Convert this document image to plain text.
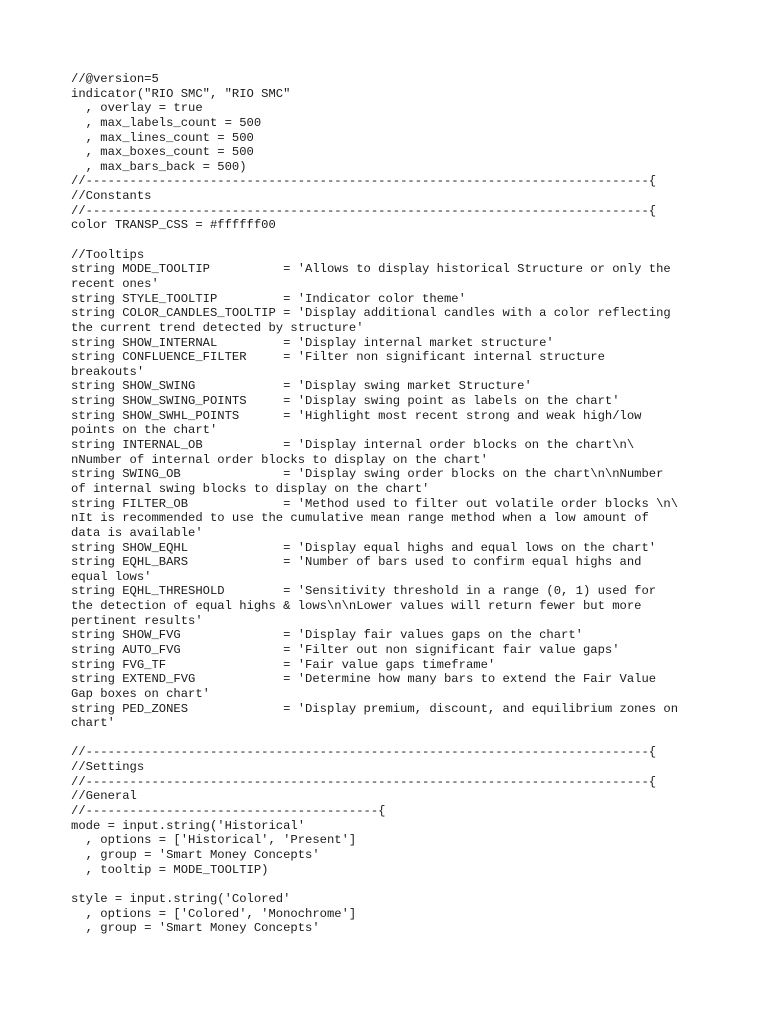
//@version=5
indicator("RIO SMC", "RIO SMC"
, overlay = true
, max_labels_count = 500
, max_lines_count = 500
, max_boxes_count = 500
, max_bars_back = 500)
//-----------------------------------------------------------------------------{
//Constants
//-----------------------------------------------------------------------------{
color TRANSP_CSS = #ffffff00
//Tooltips
string MODE_TOOLTIP          = 'Allows to display historical Structure or only the
recent ones'
string STYLE_TOOLTIP         = 'Indicator color theme'
string COLOR_CANDLES_TOOLTIP = 'Display additional candles with a color reflecting
the current trend detected by structure'
string SHOW_INTERNAL         = 'Display internal market structure'
string CONFLUENCE_FILTER     = 'Filter non significant internal structure
breakouts'
string SHOW_SWING            = 'Display swing market Structure'
string SHOW_SWING_POINTS     = 'Display swing point as labels on the chart'
string SHOW_SWHL_POINTS      = 'Highlight most recent strong and weak high/low
points on the chart'
string INTERNAL_OB           = 'Display internal order blocks on the chart\n\
nNumber of internal order blocks to display on the chart'
string SWING_OB              = 'Display swing order blocks on the chart\n\nNumber
of internal swing blocks to display on the chart'
string FILTER_OB             = 'Method used to filter out volatile order blocks \n\
nIt is recommended to use the cumulative mean range method when a low amount of
data is available'
string SHOW_EQHL             = 'Display equal highs and equal lows on the chart'
string EQHL_BARS             = 'Number of bars used to confirm equal highs and
equal lows'
string EQHL_THRESHOLD        = 'Sensitivity threshold in a range (0, 1) used for
the detection of equal highs & lows\n\nLower values will return fewer but more
pertinent results'
string SHOW_FVG              = 'Display fair values gaps on the chart'
string AUTO_FVG              = 'Filter out non significant fair value gaps'
string FVG_TF                = 'Fair value gaps timeframe'
string EXTEND_FVG            = 'Determine how many bars to extend the Fair Value
Gap boxes on chart'
string PED_ZONES             = 'Display premium, discount, and equilibrium zones on
chart'
//-----------------------------------------------------------------------------{
//Settings
//-----------------------------------------------------------------------------{
//General
//----------------------------------------{
mode = input.string('Historical'
, options = ['Historical', 'Present']
, group = 'Smart Money Concepts'
, tooltip = MODE_TOOLTIP)
style = input.string('Colored'
, options = ['Colored', 'Monochrome']
, group = 'Smart Money Concepts'
